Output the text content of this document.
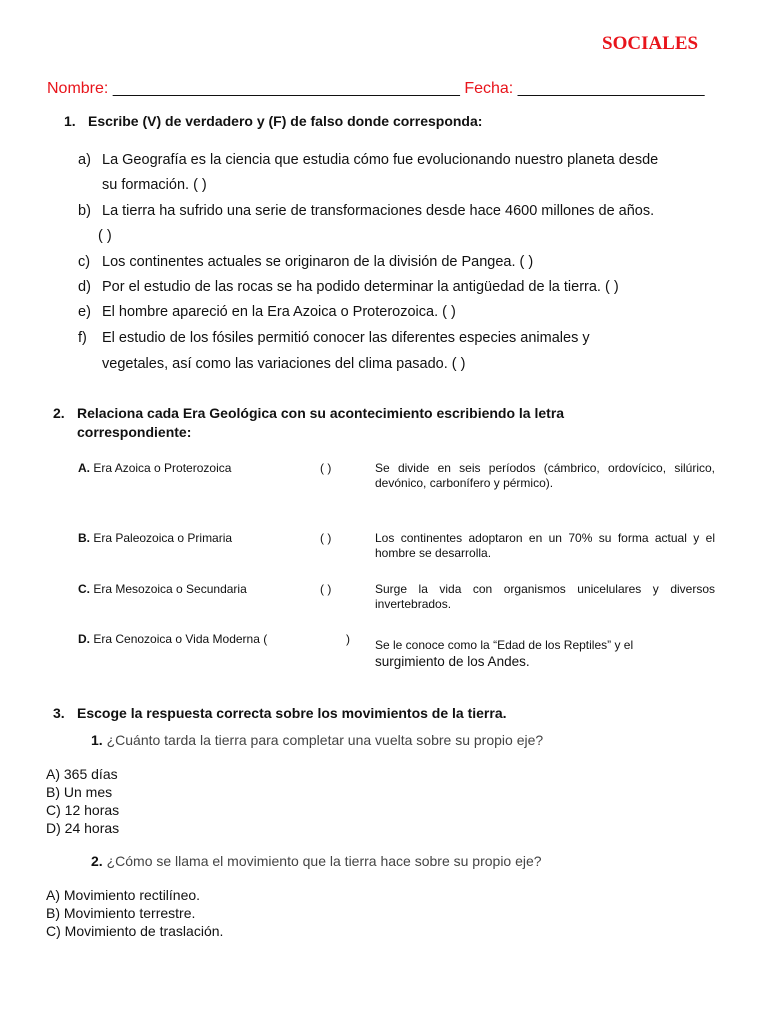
SOCIALES
Nombre: _______________________________________ Fecha: _____________________
1. Escribe (V) de verdadero y (F) de falso donde corresponda:
a) La Geografía es la ciencia que estudia cómo fue evolucionando nuestro planeta desde
su formación. ( )
b) La tierra ha sufrido una serie de transformaciones desde hace 4600 millones de años.
( )
c) Los continentes actuales se originaron de la división de Pangea. ( )
d) Por el estudio de las rocas se ha podido determinar la antigüedad de la tierra. ( )
e) El hombre apareció en la Era Azoica o Proterozoica. ( )
f) El estudio de los fósiles permitió conocer las diferentes especies animales y
vegetales, así como las variaciones del clima pasado. ( )
2. Relaciona cada Era Geológica con su acontecimiento escribiendo la letra
correspondiente:
A. Era Azoica o Proterozoica	( )	Se divide en seis períodos (cámbrico, ordovícico, silúrico, devónico, carbonífero y pérmico).
B. Era Paleozoica o Primaria	( )	Los continentes adoptaron en un 70% su forma actual y el hombre se desarrolla.
C. Era Mesozoica o Secundaria	( )	Surge la vida con organismos unicelulares y diversos invertebrados.
D. Era Cenozoica o Vida Moderna (	) Se le conoce como la “Edad de los Reptiles” y el
surgimiento de los Andes.
3. Escoge la respuesta correcta sobre los movimientos de la tierra.
1. ¿Cuánto tarda la tierra para completar una vuelta sobre su propio eje?
A) 365 días
B) Un mes
C) 12 horas
D) 24 horas
2. ¿Cómo se llama el movimiento que la tierra hace sobre su propio eje?
A) Movimiento rectilíneo.
B) Movimiento terrestre.
C) Movimiento de traslación.
